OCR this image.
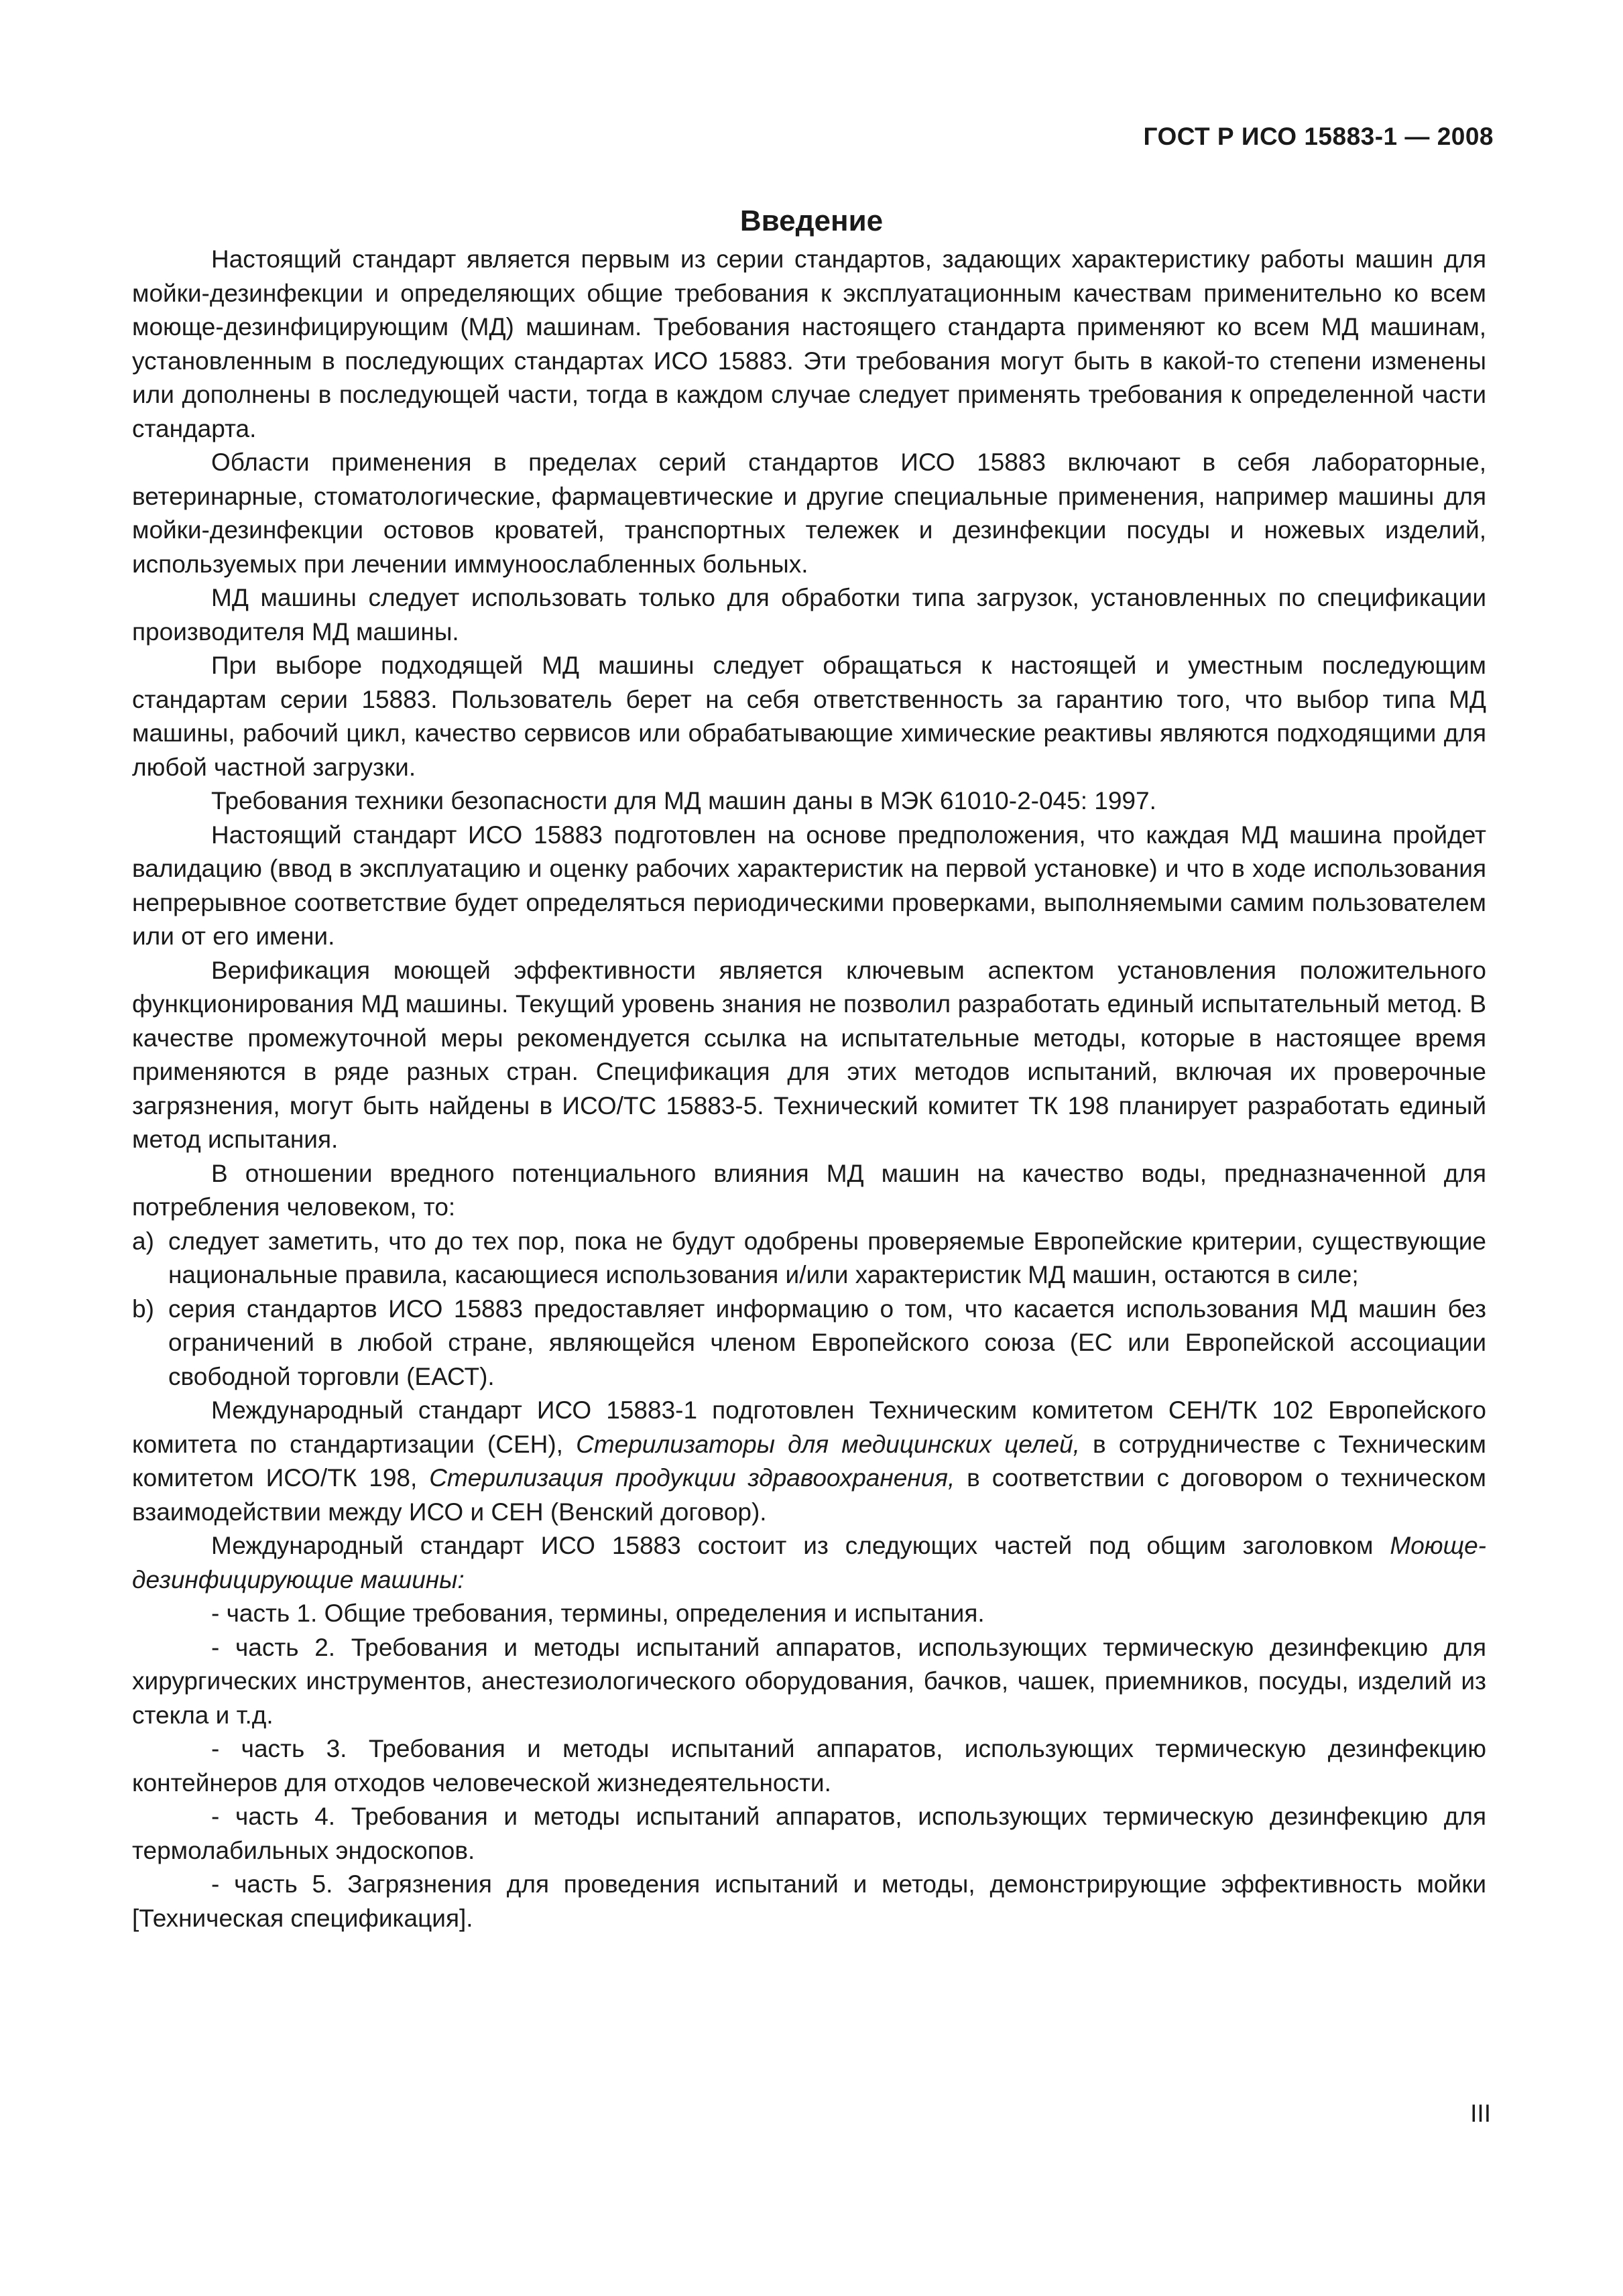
ГОСТ Р ИСО 15883-1 — 2008
Введение

Настоящий стандарт является первым из серии стандартов, задающих характеристику работы машин для мойки-дезинфекции и определяющих общие требования к эксплуатационным качествам применительно ко всем моюще-дезинфицирующим (МД) машинам. Требования настоящего стандарта применяют ко всем МД машинам, установленным в последующих стандартах ИСО 15883. Эти требования могут быть в какой-то степени изменены или дополнены в последующей части, тогда в каждом случае следует применять требования к определенной части стандарта.

Области применения в пределах серий стандартов ИСО 15883 включают в себя лабораторные, ветеринарные, стоматологические, фармацевтические и другие специальные применения, например машины для мойки-дезинфекции остовов кроватей, транспортных тележек и дезинфекции посуды и ножевых изделий, используемых при лечении иммуноослабленных больных.

МД машины следует использовать только для обработки типа загрузок, установленных по спецификации производителя МД машины.

При выборе подходящей МД машины следует обращаться к настоящей и уместным последующим стандартам серии 15883. Пользователь берет на себя ответственность за гарантию того, что выбор типа МД машины, рабочий цикл, качество сервисов или обрабатывающие химические реактивы являются подходящими для любой частной загрузки.

Требования техники безопасности для МД машин даны в МЭК 61010-2-045: 1997.

Настоящий стандарт ИСО 15883 подготовлен на основе предположения, что каждая МД машина пройдет валидацию (ввод в эксплуатацию и оценку рабочих характеристик на первой установке) и что в ходе использования непрерывное соответствие будет определяться периодическими проверками, выполняемыми самим пользователем или от его имени.

Верификация моющей эффективности является ключевым аспектом установления положительного функционирования МД машины. Текущий уровень знания не позволил разработать единый испытательный метод. В качестве промежуточной меры рекомендуется ссылка на испытательные методы, которые в настоящее время применяются в ряде разных стран. Спецификация для этих методов испытаний, включая их проверочные загрязнения, могут быть найдены в ИСО/ТС 15883-5. Технический комитет ТК 198 планирует разработать единый метод испытания.

В отношении вредного потенциального влияния МД машин на качество воды, предназначенной для потребления человеком, то:

а) следует заметить, что до тех пор, пока не будут одобрены проверяемые Европейские критерии, существующие национальные правила, касающиеся использования и/или характеристик МД машин, остаются в силе;
b) серия стандартов ИСО 15883 предоставляет информацию о том, что касается использования МД машин без ограничений в любой стране, являющейся членом Европейского союза (ЕС или Европейской ассоциации свободной торговли (ЕАСТ).

Международный стандарт ИСО 15883-1 подготовлен Техническим комитетом СЕН/ТК 102 Европейского комитета по стандартизации (СЕН), Стерилизаторы для медицинских целей, в сотрудничестве с Техническим комитетом ИСО/ТК 198, Стерилизация продукции здравоохранения, в соответствии с договором о техническом взаимодействии между ИСО и СЕН (Венский договор).

Международный стандарт ИСО 15883 состоит из следующих частей под общим заголовком Моюще-дезинфицирующие машины:

- часть 1. Общие требования, термины, определения и испытания.

- часть 2. Требования и методы испытаний аппаратов, использующих термическую дезинфекцию для хирургических инструментов, анестезиологического оборудования, бачков, чашек, приемников, посуды, изделий из стекла и т.д.

- часть 3. Требования и методы испытаний аппаратов, использующих термическую дезинфекцию контейнеров для отходов человеческой жизнедеятельности.

- часть 4. Требования и методы испытаний аппаратов, использующих термическую дезинфекцию для термолабильных эндоскопов.

- часть 5. Загрязнения для проведения испытаний и методы, демонстрирующие эффективность мойки [Техническая спецификация].

III
